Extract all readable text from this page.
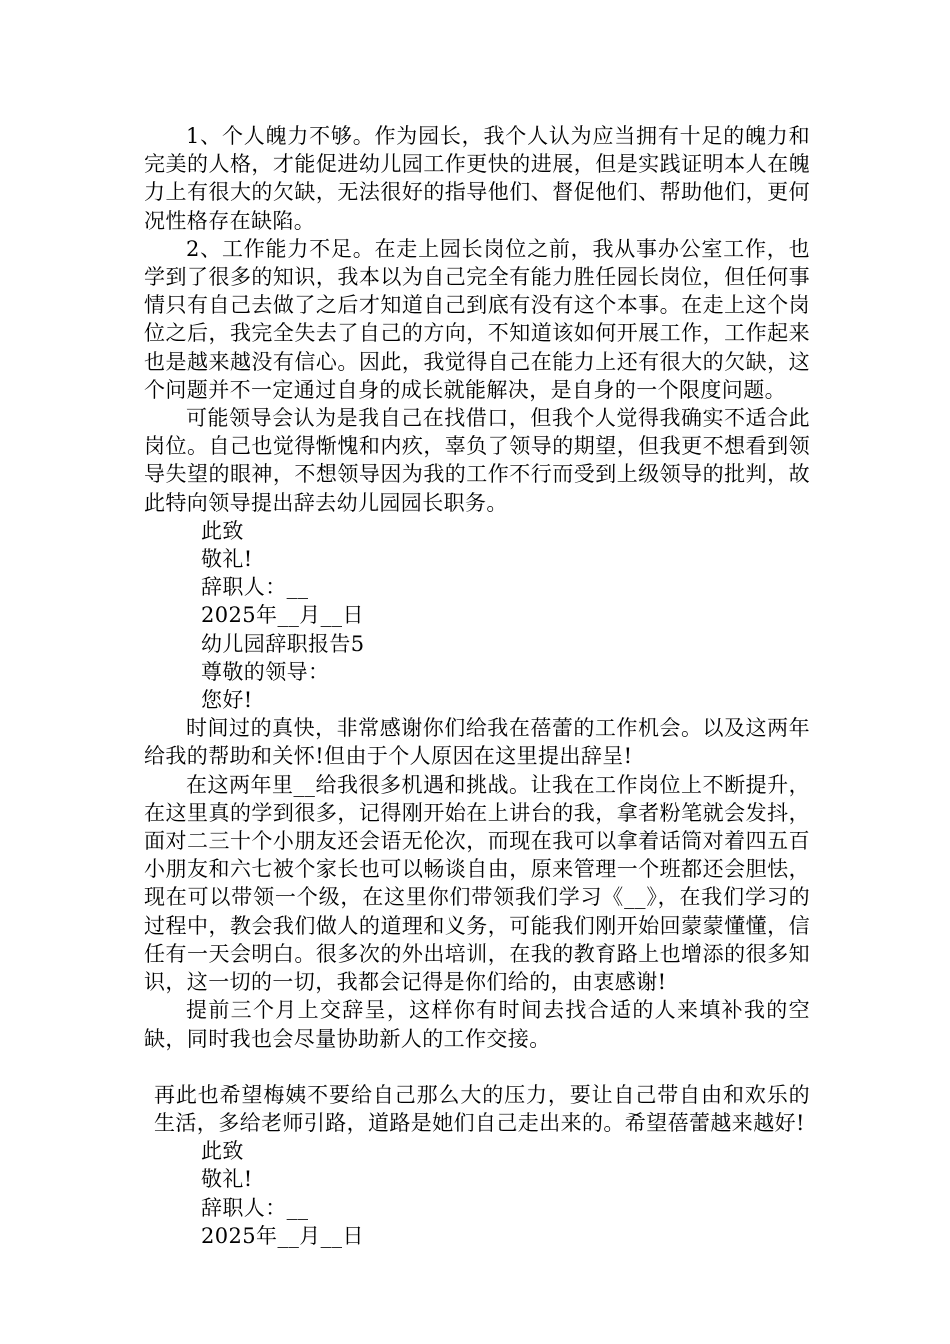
1、个人魄力不够。作为园长，我个人认为应当拥有十足的魄力和完美的人格，才能促进幼儿园工作更快的进展，但是实践证明本人在魄力上有很大的欠缺，无法很好的指导他们、督促他们、帮助他们，更何况性格存在缺陷。

2、工作能力不足。在走上园长岗位之前，我从事办公室工作，也学到了很多的知识，我本以为自己完全有能力胜任园长岗位，但任何事情只有自己去做了之后才知道自己到底有没有这个本事。在走上这个岗位之后，我完全失去了自己的方向，不知道该如何开展工作，工作起来也是越来越没有信心。因此，我觉得自己在能力上还有很大的欠缺，这个问题并不一定通过自身的成长就能解决，是自身的一个限度问题。

可能领导会认为是我自己在找借口，但我个人觉得我确实不适合此岗位。自己也觉得惭愧和内疚，辜负了领导的期望，但我更不想看到领导失望的眼神，不想领导因为我的工作不行而受到上级领导的批判，故此特向领导提出辞去幼儿园园长职务。

此致

敬礼!

辞职人：__

2025年__月__日

幼儿园辞职报告5

尊敬的领导：

您好!

时间过的真快，非常感谢你们给我在蓓蕾的工作机会。以及这两年给我的帮助和关怀!但由于个人原因在这里提出辞呈!

在这两年里__给我很多机遇和挑战。让我在工作岗位上不断提升，在这里真的学到很多，记得刚开始在上讲台的我，拿者粉笔就会发抖，面对二三十个小朋友还会语无伦次，而现在我可以拿着话筒对着四五百小朋友和六七被个家长也可以畅谈自由，原来管理一个班都还会胆怯，现在可以带领一个级，在这里你们带领我们学习《__》，在我们学习的过程中，教会我们做人的道理和义务，可能我们刚开始回蒙蒙懂懂，信任有一天会明白。很多次的外出培训，在我的教育路上也增添的很多知识，这一切的一切，我都会记得是你们给的，由衷感谢!

提前三个月上交辞呈，这样你有时间去找合适的人来填补我的空缺，同时我也会尽量协助新人的工作交接。

再此也希望梅姨不要给自己那么大的压力，要让自己带自由和欢乐的生活，多给老师引路，道路是她们自己走出来的。希望蓓蕾越来越好!

此致

敬礼!

辞职人：__

2025年__月__日
